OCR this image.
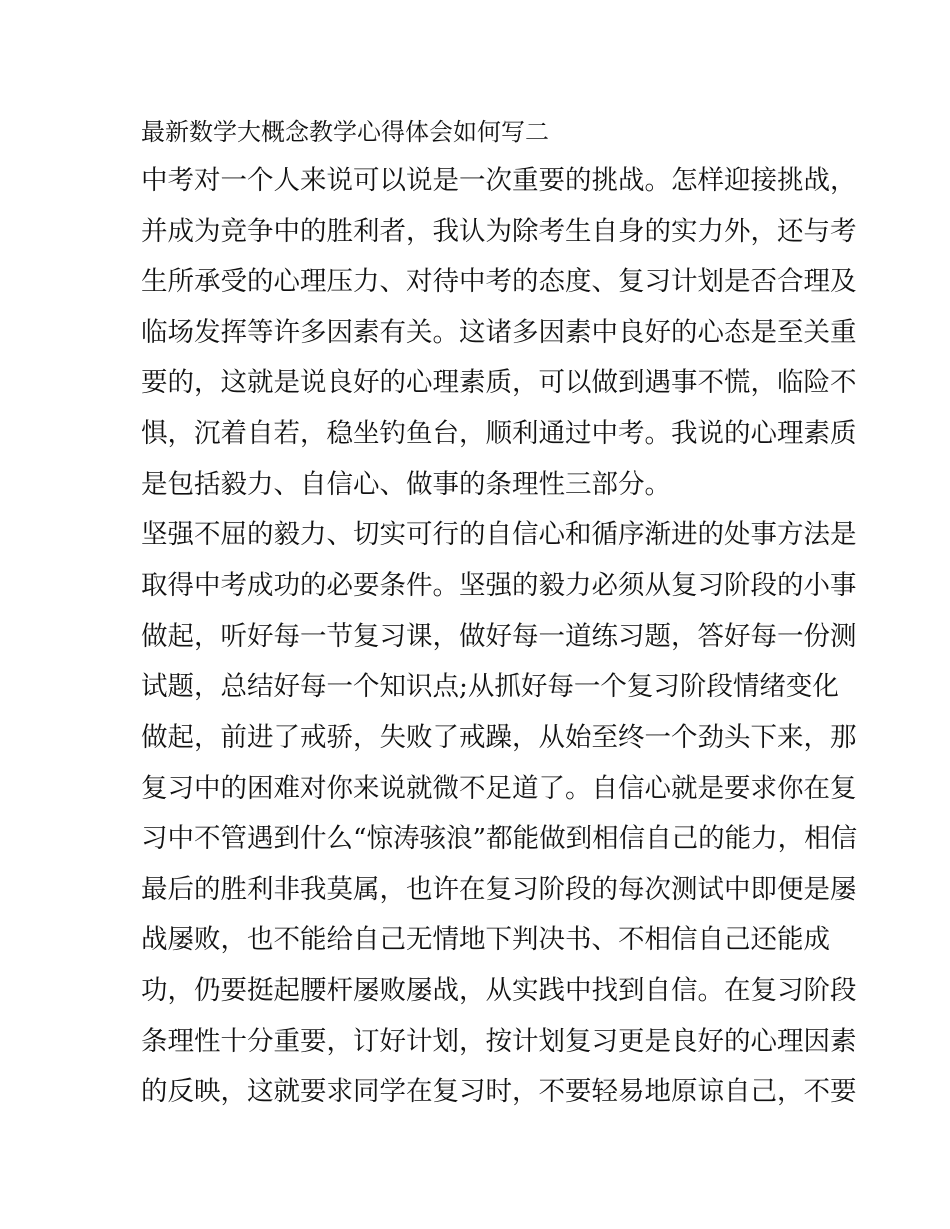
最新数学大概念教学心得体会如何写二

中考对一个人来说可以说是一次重要的挑战。怎样迎接挑战，

并成为竞争中的胜利者，我认为除考生自身的实力外，还与考

生所承受的心理压力、对待中考的态度、复习计划是否合理及

临场发挥等许多因素有关。这诸多因素中良好的心态是至关重

要的，这就是说良好的心理素质，可以做到遇事不慌，临险不

惧，沉着自若，稳坐钓鱼台，顺利通过中考。我说的心理素质

是包括毅力、自信心、做事的条理性三部分。

坚强不屈的毅力、切实可行的自信心和循序渐进的处事方法是

取得中考成功的必要条件。坚强的毅力必须从复习阶段的小事

做起，听好每一节复习课，做好每一道练习题，答好每一份测

试题，总结好每一个知识点;从抓好每一个复习阶段情绪变化

做起，前进了戒骄，失败了戒躁，从始至终一个劲头下来，那

复习中的困难对你来说就微不足道了。自信心就是要求你在复

习中不管遇到什么“惊涛骇浪”都能做到相信自己的能力，相信

最后的胜利非我莫属，也许在复习阶段的每次测试中即便是屡

战屡败，也不能给自己无情地下判决书、不相信自己还能成

功，仍要挺起腰杆屡败屡战，从实践中找到自信。在复习阶段

条理性十分重要，订好计划，按计划复习更是良好的心理因素

的反映，这就要求同学在复习时，不要轻易地原谅自己，不要
